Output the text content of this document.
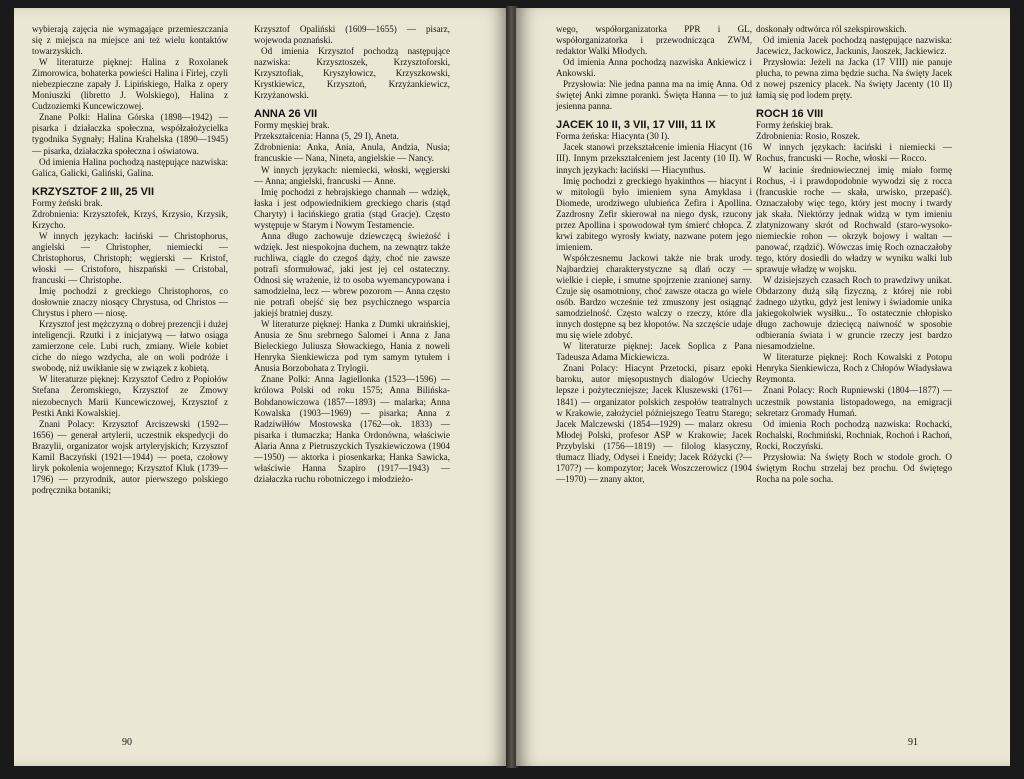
wybierają zajęcia nie wymagające przemieszczania się z miejsca na miejsce ani też wielu kontaktów towarzyskich.

W literaturze pięknej: Halina z Roxolanek Zimorowica, bohaterka powieści Halina i Firlej, czyli niebezpieczne zapały J. Lipińskiego, Halka z opery Moniuszki (libretto J. Wolskiego), Halina z Cudzoziemki Kuncewiczowej.

Znane Polki: Halina Górska (1898—1942) — pisarka i działaczka społeczna, współzałożycielka tygodnika Sygnały; Halina Krahelska (1890—1945) — pisarka, działaczka społeczna i oświatowa.

Od imienia Halina pochodzą następujące nazwiska: Galica, Galicki, Galiński, Galina.

KRZYSZTOF 2 III, 25 VII

Formy żeński brak.

Zdrobnienia: Krzysztofek, Krzyś, Krzysio, Krzysik, Krzycho.

W innych językach: łaciński — Christophorus, angielski — Christopher, niemiecki — Christophorus, Christoph; węgierski — Kristof, włoski — Cristoforo, hiszpański — Cristobal, francuski — Christophe.

Imię pochodzi z greckiego Christophoros, co dosłownie znaczy niosący Chrystusa, od Christos — Chrystus i phero — niosę.

Krzysztof jest mężczyzną o dobrej prezencji i dużej inteligencji. Rzutki i z inicjatywą — łatwo osiąga zamierzone cele. Lubi ruch, zmiany. Wiele kobiet ciche do niego wzdycha, ale on woli podróże i swobodę, niż uwikłanie się w związek z kobietą.

W literaturze pięknej: Krzysztof Cedro z Popiołów Stefana Żeromskiego, Krzysztof ze Zmowy niezobecnych Marii Kuncewiczowej, Krzysztof z Pestki Anki Kowalskiej.

Znani Polacy: Krzysztof Arciszewski (1592—1656) — generał artylerii, uczestnik ekspedycji do Brazylii, organizator wojsk artyleryjskich; Krzysztof Kamil Baczyński (1921—1944) — poeta, czołowy liryk pokolenia wojennego; Krzysztof Kluk (1739—1796) — przyrodnik, autor pierwszego polskiego podręcznika botaniki;

Krzysztof Opaliński (1609—1655) — pisarz, wojewoda poznański.

Od imienia Krzysztof pochodzą następujące nazwiska: Krzysztoszek, Krzysztoforski, Krzysztofiak, Kryszyłowicz, Krzyszkowski, Krystkiewicz, Krzysztoń, Krzyżankiewicz, Krzyżanowski.

ANNA 26 VII

Formy męskiej brak.

Przekształcenia: Hanna (5, 29 I), Aneta.

Zdrobnienia: Anka, Ania, Anula, Andzia, Nusia; francuskie — Nana, Nineta, angielskie — Nancy.

W innych językach: niemiecki, włoski, węgierski — Anna; angielski, francuski — Anne.

Imię pochodzi z hebrajskiego channah — wdzięk, łaska i jest odpowiednikiem greckiego charis (stąd Charyty) i łacińskiego gratia (stąd Gracje). Często występuje w Starym i Nowym Testamencie.

Anna długo zachowuje dziewczęcą świeżość i wdzięk. Jest niespokojna duchem, na zewnątrz także ruchliwa, ciągle do czegoś dąży, choć nie zawsze potrafi sformułować, jaki jest jej cel ostateczny. Odnosi się wrażenie, iż to osoba wyemancypowana i samodzielna, lecz — wbrew pozorom — Anna często nie potrafi obejść się bez psychicznego wsparcia jakiejś bratniej duszy.

W literaturze pięknej: Hanka z Dumki ukraińskiej, Anusia ze Snu srebrnego Salomei i Anna z Jana Bieleckiego Juliusza Słowackiego, Hania z noweli Henryka Sienkiewicza pod tym samym tytułem i Anusia Borzobohata z Trylogii.

Znane Polki: Anna Jagiellonka (1523—1596) — królowa Polski od roku 1575; Anna Bilińska-Bohdanowiczowa (1857—1893) — malarka; Anna Kowalska (1903—1969) — pisarka; Anna z Radziwiłłów Mostowska (1762—ok. 1833) — pisarka i tłumaczka; Hanka Ordonówna, właściwie Alaria Anna z Pietruszyckich Tyszkiewiczowa (1904—1950) — aktorka i piosenkarka; Hanka Sawicka, właściwie Hanna Szapiro (1917—1943) — działaczka ruchu robotniczego i młodzieżo-

90

wego, współorganizatorka PPR i GL, współorganizatorka i przewodnicząca ZWM, redaktor Walki Młodych.

Od imienia Anna pochodzą nazwiska Ankiewicz i Ankowski.

Przysłowia: Nie jedna panna ma na imię Anna. Od świętej Anki zimne poranki. Święta Hanna — to już jesienna panna.

JACEK 10 II, 3 VII, 17 VIII, 11 IX

Forma żeńska: Hiacynta (30 I).

Jacek stanowi przekształcenie imienia Hiacynt (16 III). Innym przekształceniem jest Jacenty (10 II). W innych językach: łaciński — Hiacynthus.

Imię pochodzi z greckiego hyakinthos — hiacynt i w mitologii było imieniem syna Amyklasa i Diomede, urodziwego ulubieńca Zefira i Apollina. Zazdrosny Zefir skierował na niego dysk, rzucony przez Apollina i spowodował tym śmierć chłopca. Z krwi zabitego wyrosły kwiaty, nazwane potem jego imieniem.

Współczesnemu Jackowi także nie brak urody. Najbardziej charakterystyczne są dlań oczy — wielkie i ciepłe, i smutne spojrzenie zranionej sarny. Czuje się osamotniony, choć zawsze otacza go wiele osób. Bardzo wcześnie też zmuszony jest osiągnąć samodzielność. Często walczy o rzeczy, które dla innych dostępne są bez kłopotów. Na szczęście udaje mu się wiele zdobyć.

W literaturze pięknej: Jacek Soplica z Pana Tadeusza Adama Mickiewicza.

Znani Polacy: Hiacynt Przetocki, pisarz epoki baroku, autor mięsopustnych dialogów Uciechy lepsze i pożyteczniejsze; Jacek Kluszewski (1761—1841) — organizator polskich zespołów teatralnych w Krakowie, założyciel późniejszego Teatru Starego; Jacek Malczewski (1854—1929) — malarz okresu Młodej Polski, profesor ASP w Krakowie; Jacek Przybylski (1756—1819) — filolog klasyczny, tłumacz Iliady, Odysei i Eneidy; Jacek Różycki (?—1707?) — kompozytor; Jacek Woszczerowicz (1904—1970) — znany aktor,

doskonały odtwórca ról szekspirowskich.

Od imienia Jacek pochodzą następujące nazwiska: Jacewicz, Jackowicz, Jackunis, Jaoszek, Jackiewicz.

Przysłowia: Jeżeli na Jacka (17 VIII) nie panuje plucha, to pewna zima będzie sucha. Na święty Jacek z nowej pszenicy placek. Na święty Jacenty (10 II) łamią się pod lodem pręty.

ROCH 16 VIII

Formy żeńskiej brak.

Zdrobnienia: Rosio, Roszek.

W innych językach: łaciński i niemiecki — Rochus, francuski — Roche, włoski — Rocco.

W łacinie średniowiecznej imię miało formę Rochus, -i i prawdopodobnie wywodzi się z rocca (francuskie roche — skała, urwisko, przepaść). Oznaczałoby więc tego, który jest mocny i twardy jak skała. Niektórzy jednak widzą w tym imieniu zlatynizowany skrót od Rochwald (staro-wysoko-niemieckie rohon — okrzyk bojowy i waltan — panować, rządzić). Wówczas imię Roch oznaczałoby tego, który dosiedli do władzy w wyniku walki lub sprawuje władzę w wojsku.

W dzisiejszych czasach Roch to prawdziwy unikat. Obdarzony dużą siłą fizyczną, z której nie robi żadnego użytku, gdyż jest leniwy i świadomie unika jakiegokolwiek wysiłku... To ostatecznie chłopisko długo zachowuje dziecięcą naiwność w sposobie odbierania świata i w gruncie rzeczy jest bardzo niesamodzielne.

W literaturze pięknej: Roch Kowalski z Potopu Henryka Sienkiewicza, Roch z Chłopów Władysława Reymonta.

Znani Polacy: Roch Rupniewski (1804—1877) — uczestnik powstania listopadowego, na emigracji sekretarz Gromady Humań.

Od imienia Roch pochodzą nazwiska: Rochacki, Rochalski, Rochmiński, Rochniak, Rochoń i Rachoń, Rocki, Roczyński.

Przysłowia: Na święty Roch w stodole groch. O świętym Rochu strzelaj bez prochu. Od świętego Rocha na pole socha.

91
